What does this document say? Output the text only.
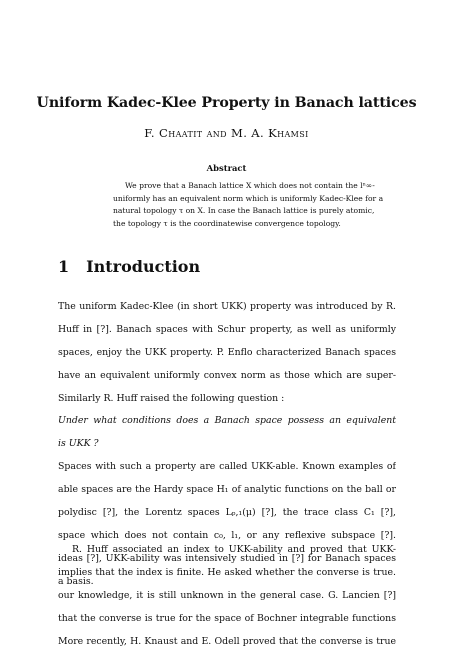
Uniform Kadec-Klee Property in Banach lattices
F. Chaatit and M. A. Khamsi
Abstract
We prove that a Banach lattice X which does not contain the lⁿ∞-
uniformly has an equivalent norm which is uniformly Kadec-Klee for a
natural topology τ on X. In case the Banach lattice is purely atomic,
the topology τ is the coordinatewise convergence topology.
1 Introduction
The uniform Kadec-Klee (in short UKK) property was introduced by R.
Huff in [?]. Banach spaces with Schur property, as well as uniformly
spaces, enjoy the UKK property. P. Enflo characterized Banach spaces
have an equivalent uniformly convex norm as those which are super-
Similarly R. Huff raised the following question :
Under what conditions does a Banach space possess an equivalent
is UKK ?
Spaces with such a property are called UKK-able. Known examples of
able spaces are the Hardy space H₁ of analytic functions on the ball or
polydisc [?], the Lorentz spaces Lₚ,₁(μ) [?], the trace class C₁ [?],
space which does not contain c₀, l₁, or any reflexive subspace [?].
ideas [?], UKK-ability was intensively studied in [?] for Banach spaces
a basis.
R. Huff associated an index to UKK-ability and proved that UKK-
implies that the index is finite. He asked whether the converse is true.
our knowledge, it is still unknown in the general case. G. Lancien [?]
that the converse is true for the space of Bochner integrable functions
More recently, H. Knaust and E. Odell proved that the converse is true
